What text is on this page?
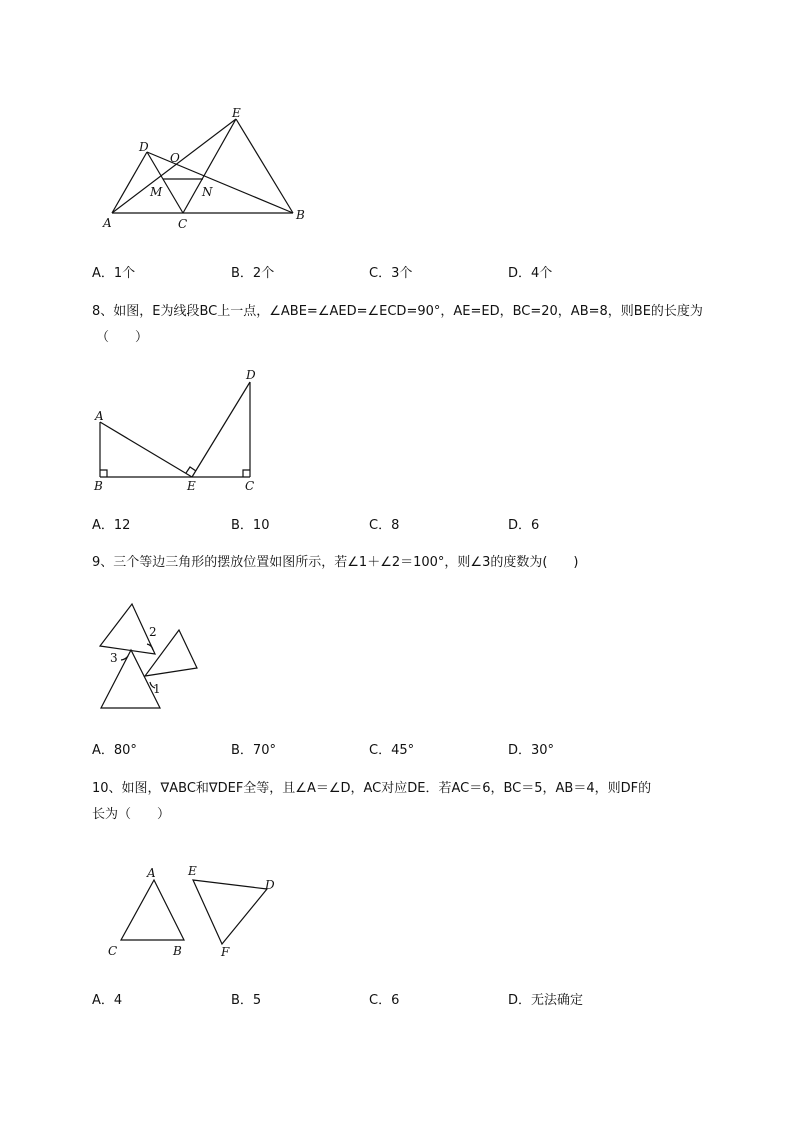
A
B
C
D
E
O
M	N
A．1个	B．2个	C．3个	D．4个
8、如图，E为线段BC上一点，∠ABE=∠AED=∠ECD=90°，AE=ED，BC=20，AB=8，则BE的长度为
（　　）
A
B	E	C
D
A．12	B．10	C．8	D．6
9、三个等边三角形的摆放位置如图所示，若∠1＋∠2＝100°，则∠3的度数为(　　)
2
3
1
A．80°	B．70°	C．45°	D．30°
10、如图，∇ABC和∇DEF全等，且∠A＝∠D，AC对应DE．若AC＝6，BC＝5，AB＝4，则DF的
长为（　　）
A
C	B
E
D
F
A．4	B．5	C．6	D．无法确定
